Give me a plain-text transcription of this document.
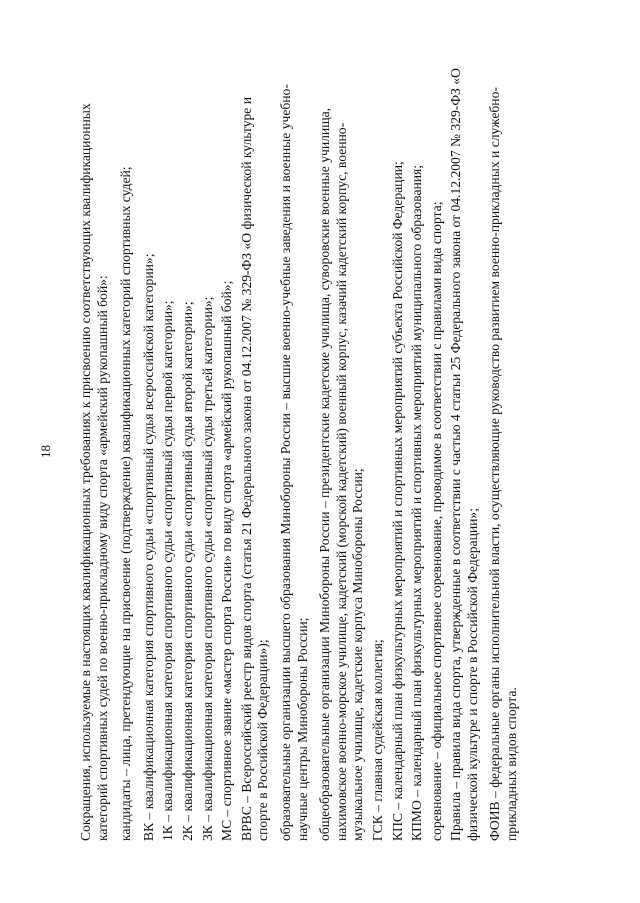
18 Сокращения, используемые в настоящих квалификационных требованиях к присвоению соответствующих квалификационных категорий спортивных судей по военно-прикладному виду спорта «армейский рукопашный бой»: кандидаты – лица, претендующие на присвоение (подтверждение) квалификационных категорий спортивных судей; ВК – квалификационная категория спортивного судьи «спортивный судья всероссийской категории»; 1К – квалификационная категория спортивного судьи «спортивный судья первой категории»; 2К – квалификационная категория спортивного судьи «спортивный судья второй категории»; 3К – квалификационная категория спортивного судьи «спортивный судья третьей категории»; МС – спортивное звание «мастер спорта России» по виду спорта «армейский рукопашный бой»; ВРВС – Всероссийский реестр видов спорта (статья 21 Федерального закона от 04.12.2007 № 329-ФЗ «О физической культуре и спорте в Российской Федерации»); образовательные организации высшего образования Минобороны России – высшие военно-учебные заведения и военные учебно-научные центры Минобороны России; общеобразовательные организации Минобороны России – президентские кадетские училища, суворовские военные училища, нахимовское военно-морское училище, кадетский (морской кадетский) военный корпус, казачий кадетский корпус, военно-музыкальное училище, кадетские корпуса Минобороны России; ГСК – главная судейская коллегия; КПС – календарный план физкультурных мероприятий и спортивных мероприятий субъекта Российской Федерации; КПМО – календарный план физкультурных мероприятий и спортивных мероприятий муниципального образования; соревнование – официальное спортивное соревнование, проводимое в соответствии с правилами вида спорта; Правила – правила вида спорта, утвержденные в соответствии с частью 4 статьи 25 Федерального закона от 04.12.2007 № 329-ФЗ «О физической культуре и спорте в Российской Федерации»; ФОИВ – федеральные органы исполнительной власти, осуществляющие руководство развитием военно-прикладных и служебно-прикладных видов спорта.
